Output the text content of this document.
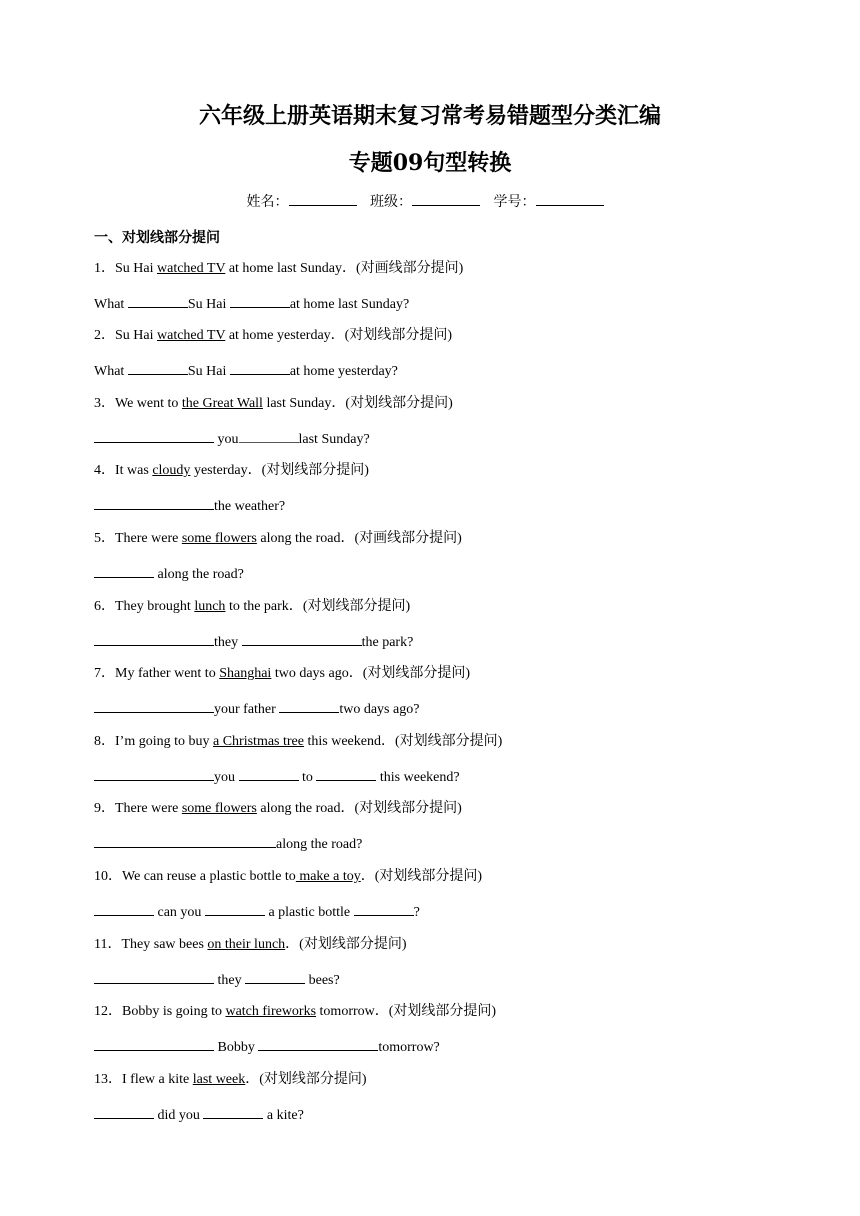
六年级上册英语期末复习常考易错题型分类汇编
专题09句型转换
姓名：	班级：	学号：
一、对划线部分提问
1．Su Hai watched TV at home last Sunday．(对画线部分提问)
What	Su Hai	at home last Sunday?
2．Su Hai watched TV at home yesterday．(对划线部分提问)
What	Su Hai	at home yesterday?
3．We went to the Great Wall last Sunday．(对划线部分提问)
you	last Sunday?
4．It was cloudy yesterday．(对划线部分提问)
the weather?
5．There were some flowers along the road．(对画线部分提问)
along the road?
6．They brought lunch to the park．(对划线部分提问)
they	the park?
7．My father went to Shanghai two days ago．(对划线部分提问)
your father	two days ago?
8．I’m going to buy a Christmas tree this weekend．(对划线部分提问)
you	to	this weekend?
9．There were some flowers along the road．(对划线部分提问)
along the road?
10．We can reuse a plastic bottle to make a toy．(对划线部分提问)
can you	a plastic bottle	?
11．They saw bees on their lunch．(对划线部分提问)
they	bees?
12．Bobby is going to watch fireworks tomorrow．(对划线部分提问)
Bobby	tomorrow?
13．I flew a kite last week．(对划线部分提问)
did you	a kite?
